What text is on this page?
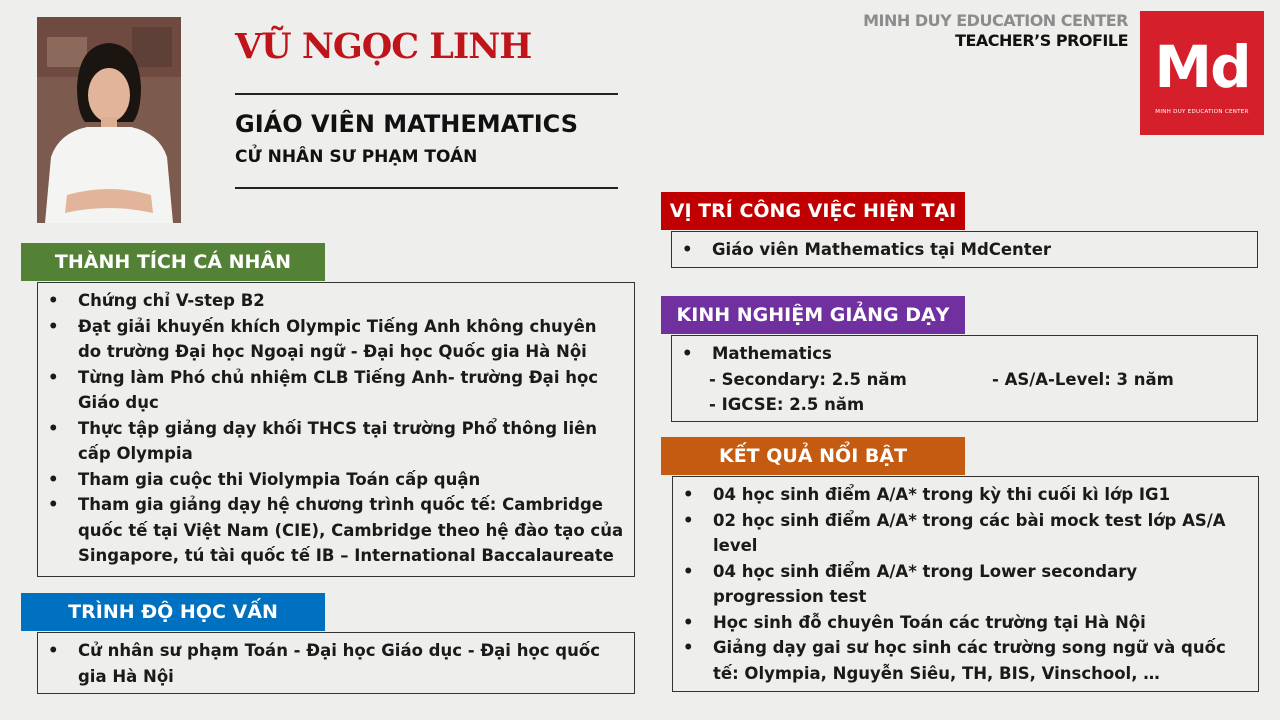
VŨ NGỌC LINH
GIÁO VIÊN MATHEMATICS
CỬ NHÂN SƯ PHẠM TOÁN
MINH DUY EDUCATION CENTER
TEACHER’S PROFILE Md
MINH DUY EDUCATION CENTER
THÀNH TÍCH CÁ NHÂN
• Chứng chỉ V-step B2
• Đạt giải khuyến khích Olympic Tiếng Anh không chuyên do trường Đại học Ngoại ngữ - Đại học Quốc gia Hà Nội
• Từng làm Phó chủ nhiệm CLB Tiếng Anh- trường Đại học Giáo dục
• Thực tập giảng dạy khối THCS tại trường Phổ thông liên cấp Olympia
• Tham gia cuộc thi Violympia Toán cấp quận
• Tham gia giảng dạy hệ chương trình quốc tế: Cambridge quốc tế tại Việt Nam (CIE), Cambridge theo hệ đào tạo của Singapore, tú tài quốc tế IB – International Baccalaureate
TRÌNH ĐỘ HỌC VẤN
• Cử nhân sư phạm Toán - Đại học Giáo dục - Đại học quốc gia Hà Nội
VỊ TRÍ CÔNG VIỆC HIỆN TẠI
• Giáo viên Mathematics tại MdCenter
KINH NGHIỆM GIẢNG DẠY
• Mathematics
- Secondary: 2.5 năm	- AS/A-Level: 3 năm
- IGCSE: 2.5 năm
KẾT QUẢ NỔI BẬT
• 04 học sinh điểm A/A* trong kỳ thi cuối kì lớp IG1
• 02 học sinh điểm A/A* trong các bài mock test lớp AS/A level
• 04 học sinh điểm A/A* trong Lower secondary progression test
• Học sinh đỗ chuyên Toán các trường tại Hà Nội
• Giảng dạy gai sư học sinh các trường song ngữ và quốc tế: Olympia, Nguyễn Siêu, TH, BIS, Vinschool, …
